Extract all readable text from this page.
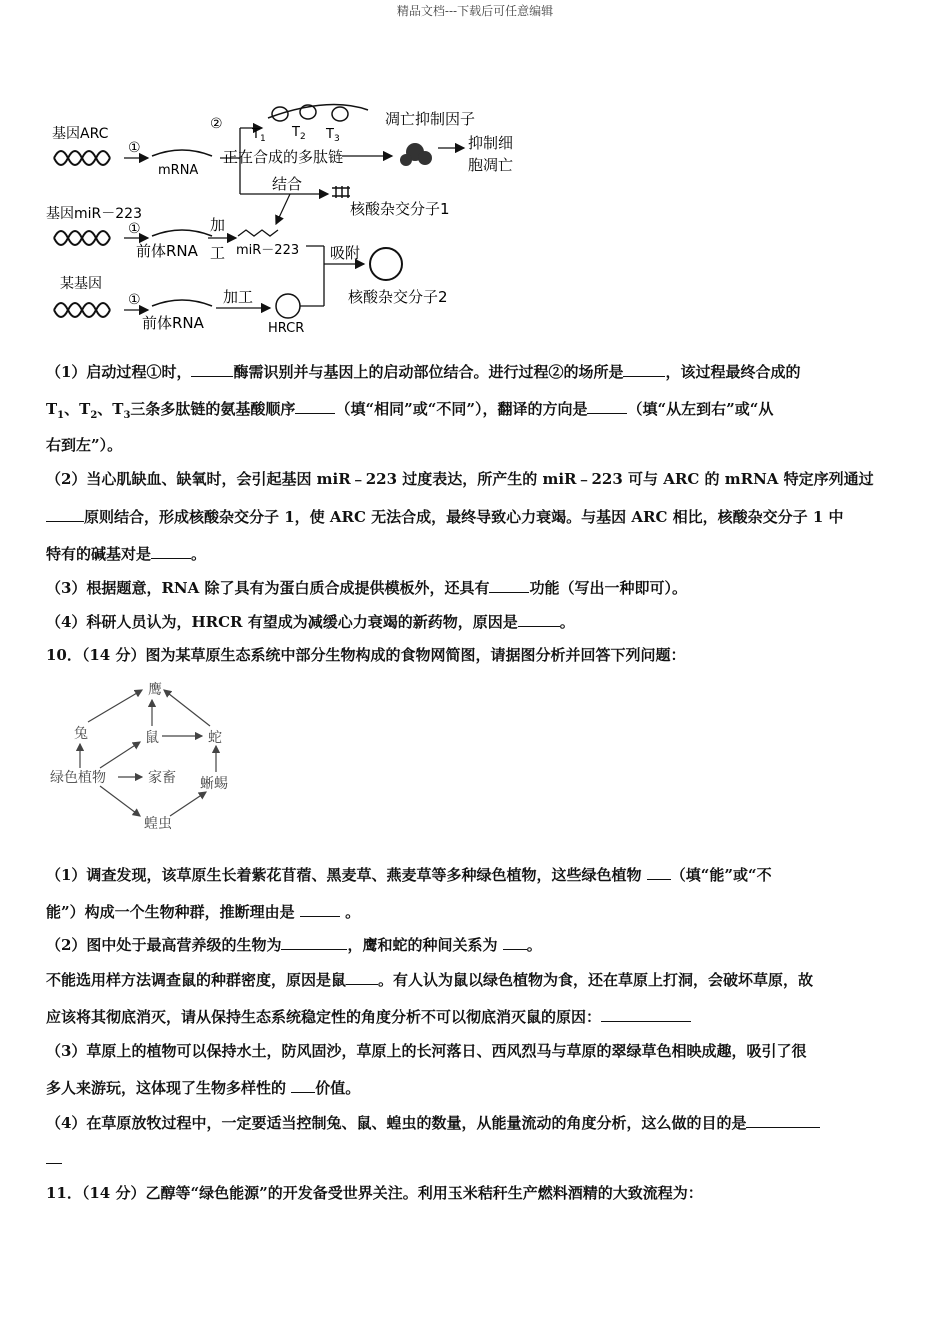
精品文档---下载后可任意编辑
基因ARC
①
mRNA
②
$T_1$ $T_2$ $T_3$
凋亡抑制因子
正在合成的多肽链
抑制细
胞凋亡
结合
核酸杂交分子1
基因miR－223
①
前体RNA
加
工 miR－223 吸附
核酸杂交分子2
某基因
①
前体RNA
加工
HRCR
（1）启动过程①时，	酶需识别并与基因上的启动部位结合。进行过程②的场所是	，该过程最终合成的
$T_1$、$T_2$、$T_3$三条多肽链的氨基酸顺序	（填“相同”或“不同”），翻译的方向是	（填“从左到右”或“从
右到左”）。
（2）当心肌缺血、缺氧时，会引起基因 miR﹣223 过度表达，所产生的 miR﹣223 可与 ARC 的 mRNA 特定序列通过
原则结合，形成核酸杂交分子 1，使 ARC 无法合成，最终导致心力衰竭。与基因 ARC 相比，核酸杂交分子 1 中
特有的碱基对是	。
（3）根据题意，RNA 除了具有为蛋白质合成提供模板外，还具有	功能（写出一种即可）。
（4）科研人员认为，HRCR 有望成为减缓心力衰竭的新药物，原因是	。
10．（14 分）图为某草原生态系统中部分生物构成的食物网简图，请据图分析并回答下列问题：
鹰
兔	鼠	蛇
绿色植物	家畜 蜥蜴
蝗虫
（1）调查发现，该草原生长着紫花苜蓿、黑麦草、燕麦草等多种绿色植物，这些绿色植物 （填“能”或“不
能”）构成一个生物种群，推断理由是	。
（2）图中处于最高营养级的生物为	，鹰和蛇的种间关系为 。
不能选用样方法调查鼠的种群密度，原因是鼠 。有人认为鼠以绿色植物为食，还在草原上打洞，会破坏草原，故
应该将其彻底消灭，请从保持生态系统稳定性的角度分析不可以彻底消灭鼠的原因：
（3）草原上的植物可以保持水土，防风固沙，草原上的长河落日、西风烈马与草原的翠绿草色相映成趣，吸引了很
多人来游玩，这体现了生物多样性的 价值。
（4）在草原放牧过程中，一定要适当控制兔、鼠、蝗虫的数量，从能量流动的角度分析，这么做的目的是
11．（14 分）乙醇等“绿色能源”的开发备受世界关注。利用玉米秸秆生产燃料酒精的大致流程为：
